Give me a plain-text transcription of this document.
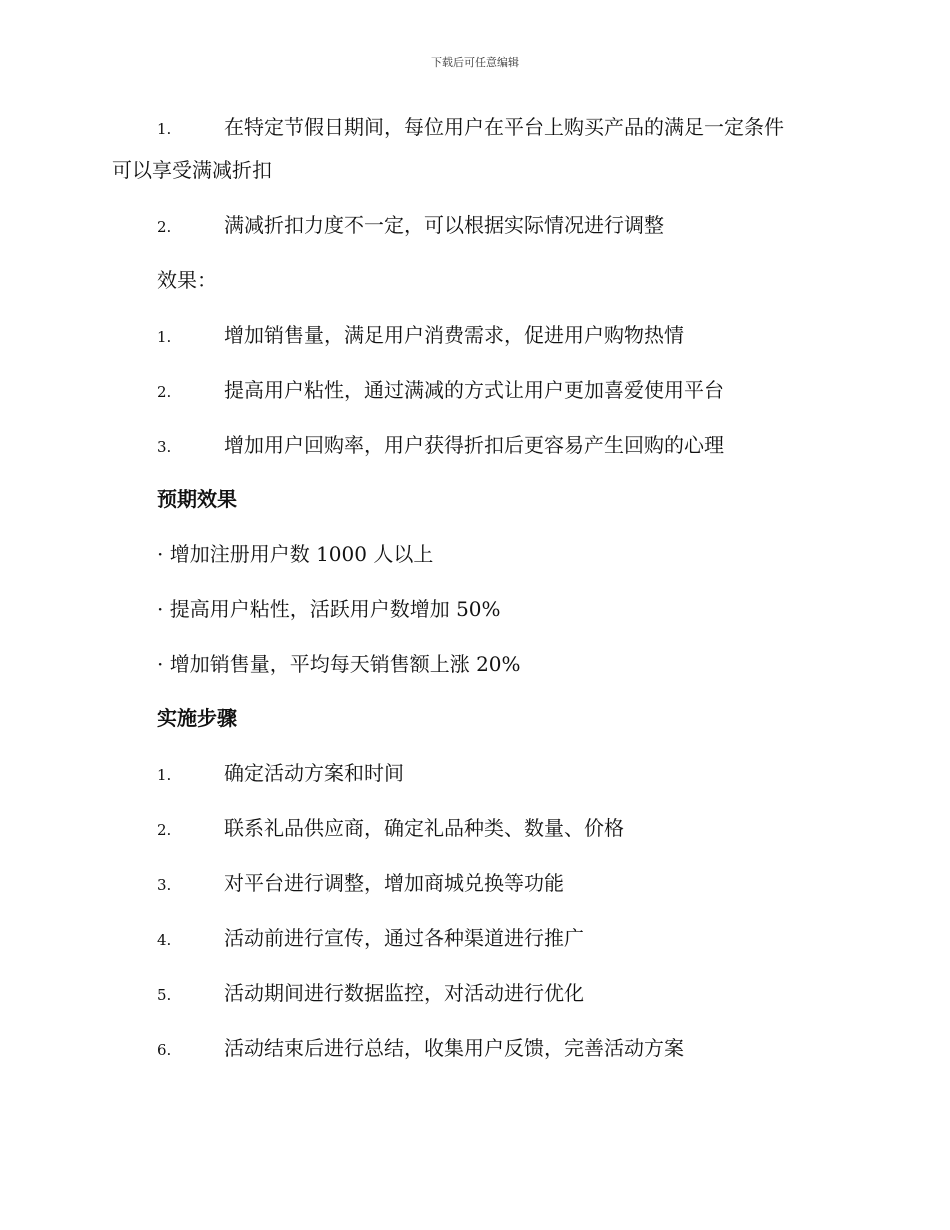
下载后可任意编辑
1.	在特定节假日期间，每位用户在平台上购买产品的满足一定条件
可以享受满减折扣
2.	满减折扣力度不一定，可以根据实际情况进行调整
效果：
1.	增加销售量，满足用户消费需求，促进用户购物热情
2.	提高用户粘性，通过满减的方式让用户更加喜爱使用平台
3.	增加用户回购率，用户获得折扣后更容易产生回购的心理
预期效果
· 增加注册用户数 1000 人以上
· 提高用户粘性，活跃用户数增加 50%
· 增加销售量，平均每天销售额上涨 20%
实施步骤
1.	确定活动方案和时间
2.	联系礼品供应商，确定礼品种类、数量、价格
3.	对平台进行调整，增加商城兑换等功能
4.	活动前进行宣传，通过各种渠道进行推广
5.	活动期间进行数据监控，对活动进行优化
6.	活动结束后进行总结，收集用户反馈，完善活动方案
